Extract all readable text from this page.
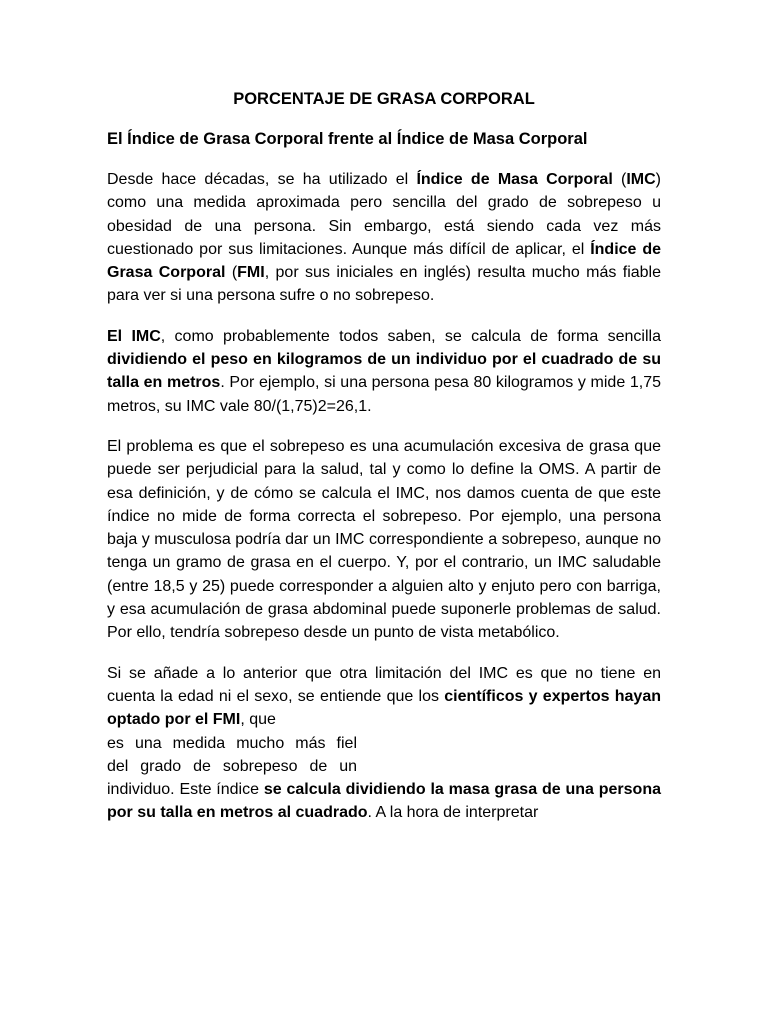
PORCENTAJE DE GRASA CORPORAL
El Índice de Grasa Corporal frente al Índice de Masa Corporal

Desde hace décadas, se ha utilizado el Índice de Masa Corporal (IMC) como una medida aproximada pero sencilla del grado de sobrepeso u obesidad de una persona. Sin embargo, está siendo cada vez más cuestionado por sus limitaciones. Aunque más difícil de aplicar, el Índice de Grasa Corporal (FMI, por sus iniciales en inglés) resulta mucho más fiable para ver si una persona sufre o no sobrepeso.

El IMC, como probablemente todos saben, se calcula de forma sencilla dividiendo el peso en kilogramos de un individuo por el cuadrado de su talla en metros. Por ejemplo, si una persona pesa 80 kilogramos y mide 1,75 metros, su IMC vale 80/(1,75)2=26,1.

El problema es que el sobrepeso es una acumulación excesiva de grasa que puede ser perjudicial para la salud, tal y como lo define la OMS. A partir de esa definición, y de cómo se calcula el IMC, nos damos cuenta de que este índice no mide de forma correcta el sobrepeso. Por ejemplo, una persona baja y musculosa podría dar un IMC correspondiente a sobrepeso, aunque no tenga un gramo de grasa en el cuerpo. Y, por el contrario, un IMC saludable (entre 18,5 y 25) puede corresponder a alguien alto y enjuto pero con barriga, y esa acumulación de grasa abdominal puede suponerle problemas de salud. Por ello, tendría sobrepeso desde un punto de vista metabólico.

Si se añade a lo anterior que otra limitación del IMC es que no tiene en cuenta la edad ni el sexo, se entiende que los científicos y expertos hayan optado por el FMI, que
es una medida mucho más fiel
del grado de sobrepeso de un
individuo. Este índice se calcula dividiendo la masa grasa de una persona por su talla en metros al cuadrado. A la hora de interpretar
